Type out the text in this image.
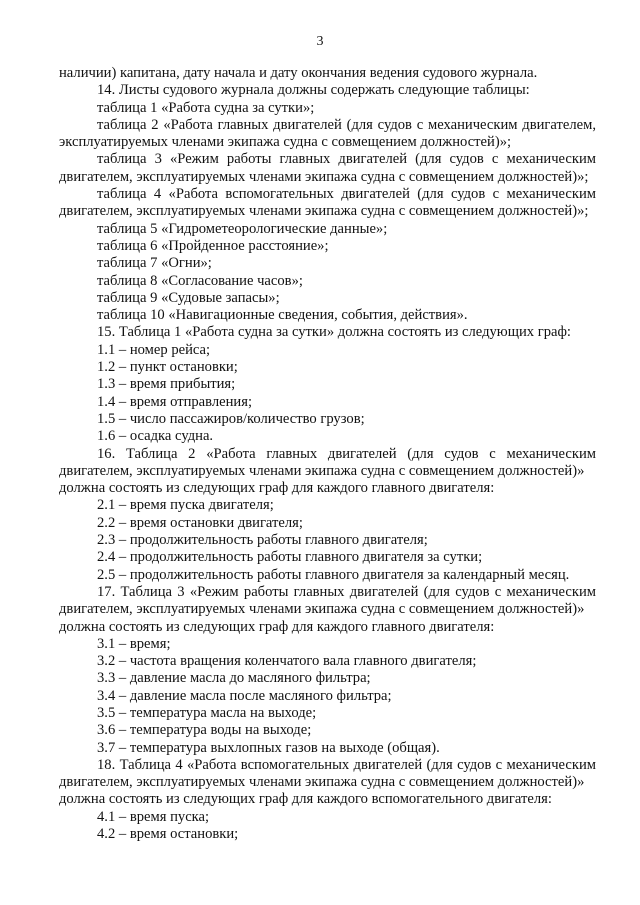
3
наличии) капитана, дату начала и дату окончания ведения судового журнала.
14. Листы судового журнала должны содержать следующие таблицы:
таблица 1 «Работа судна за сутки»;
таблица 2 «Работа главных двигателей (для судов с механическим двигателем,
эксплуатируемых членами экипажа судна с совмещением должностей)»;
таблица 3 «Режим работы главных двигателей (для судов с механическим
двигателем, эксплуатируемых членами экипажа судна с совмещением должностей)»;
таблица 4 «Работа вспомогательных двигателей (для судов с механическим
двигателем, эксплуатируемых членами экипажа судна с совмещением должностей)»;
таблица 5 «Гидрометеорологические данные»;
таблица 6 «Пройденное расстояние»;
таблица 7 «Огни»;
таблица 8 «Согласование часов»;
таблица 9 «Судовые запасы»;
таблица 10 «Навигационные сведения, события, действия».
15. Таблица 1 «Работа судна за сутки» должна состоять из следующих граф:
1.1 – номер рейса;
1.2 – пункт остановки;
1.3 – время прибытия;
1.4 – время отправления;
1.5 – число пассажиров/количество грузов;
1.6 – осадка судна.
16. Таблица 2 «Работа главных двигателей (для судов с механическим
двигателем, эксплуатируемых членами экипажа судна с совмещением должностей)»
должна состоять из следующих граф для каждого главного двигателя:
2.1 – время пуска двигателя;
2.2 – время остановки двигателя;
2.3 – продолжительность работы главного двигателя;
2.4 – продолжительность работы главного двигателя за сутки;
2.5 – продолжительность работы главного двигателя за календарный месяц.
17. Таблица 3 «Режим работы главных двигателей (для судов с механическим
двигателем, эксплуатируемых членами экипажа судна с совмещением должностей)»
должна состоять из следующих граф для каждого главного двигателя:
3.1 – время;
3.2 – частота вращения коленчатого вала главного двигателя;
3.3 – давление масла до масляного фильтра;
3.4 – давление масла после масляного фильтра;
3.5 – температура масла на выходе;
3.6 – температура воды на выходе;
3.7 – температура выхлопных газов на выходе (общая).
18. Таблица 4 «Работа вспомогательных двигателей (для судов с механическим
двигателем, эксплуатируемых членами экипажа судна с совмещением должностей)»
должна состоять из следующих граф для каждого вспомогательного двигателя:
4.1 – время пуска;
4.2 – время остановки;
